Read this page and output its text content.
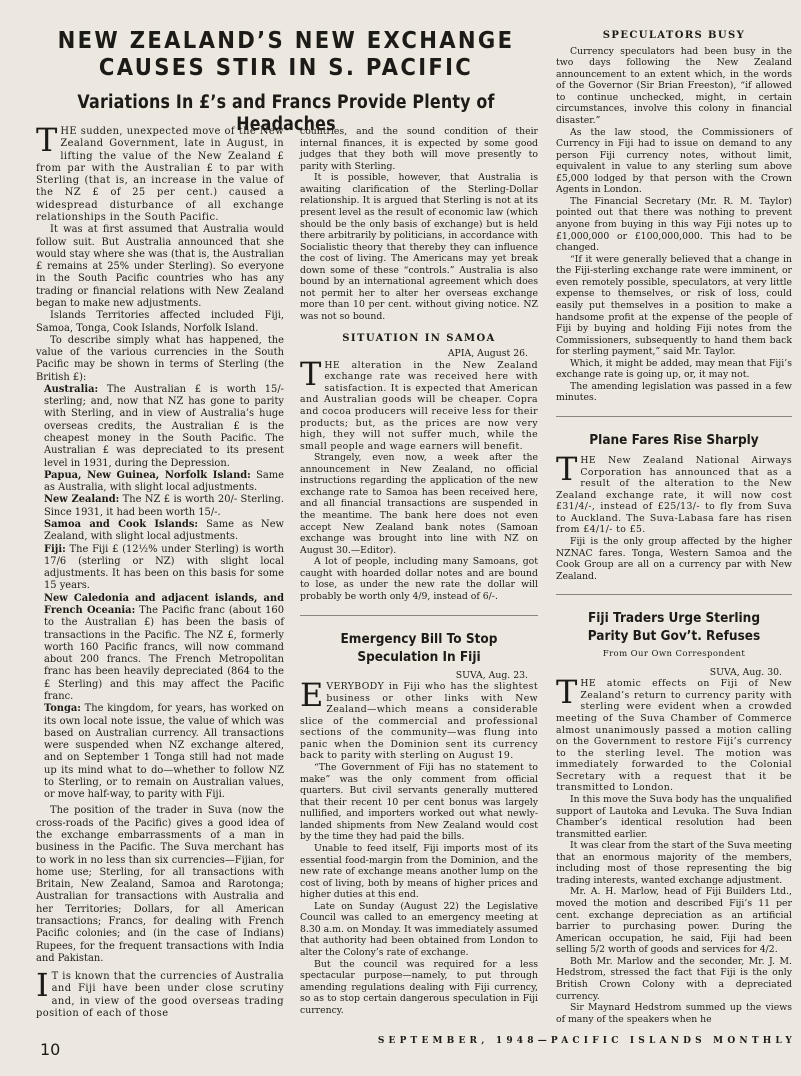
NEW ZEALAND’S NEW EXCHANGE CAUSES STIR IN S. PACIFIC
Variations In £’s and Francs Provide Plenty of Headaches

THE sudden, unexpected move of the New Zealand Government, late in August, in lifting the value of the New Zealand £ from par with the Australian £ to par with Sterling (that is, an increase in the value of the NZ £ of 25 per cent.) caused a widespread disturbance of all exchange relationships in the South Pacific.

It was at first assumed that Australia would follow suit. But Australia announced that she would stay where she was (that is, the Australian £ remains at 25% under Sterling). So everyone in the South Pacific countries who has any trading or financial relations with New Zealand began to make new adjustments.

Islands Territories affected included Fiji, Samoa, Tonga, Cook Islands, Norfolk Island.

To describe simply what has happened, the value of the various currencies in the South Pacific may be shown in terms of Sterling (the British £):

Australia: The Australian £ is worth 15/- sterling; and, now that NZ has gone to parity with Sterling, and in view of Australia’s huge overseas credits, the Australian £ is the cheapest money in the South Pacific. The Australian £ was depreciated to its present level in 1931, during the Depression.

Papua, New Guinea, Norfolk Island: Same as Australia, with slight local adjustments.

New Zealand: The NZ £ is worth 20/- Sterling. Since 1931, it had been worth 15/-.

Samoa and Cook Islands: Same as New Zealand, with slight local adjustments.

Fiji: The Fiji £ (12½% under Sterling) is worth 17/6 (sterling or NZ) with slight local adjustments. It has been on this basis for some 15 years.

New Caledonia and adjacent islands, and French Oceania: The Pacific franc (about 160 to the Australian £) has been the basis of transactions in the Pacific. The NZ £, formerly worth 160 Pacific francs, will now command about 200 francs. The French Metropolitan franc has been heavily depreciated (864 to the £ Sterling) and this may affect the Pacific franc.

Tonga: The kingdom, for years, has worked on its own local note issue, the value of which was based on Australian currency. All transactions were suspended when NZ exchange altered, and on September 1 Tonga still had not made up its mind what to do—whether to follow NZ to Sterling, or to remain on Australian values, or move half-way, to parity with Fiji.

The position of the trader in Suva (now the cross-roads of the Pacific) gives a good idea of the exchange embarrassments of a man in business in the Pacific. The Suva merchant has to work in no less than six currencies—Fijian, for home use; Sterling, for all transactions with Britain, New Zealand, Samoa and Rarotonga; Australian for transactions with Australia and her Territories; Dollars, for all American transactions; Francs, for dealing with French Pacific colonies; and (in the case of Indians) Rupees, for the frequent transactions with India and Pakistan.

I T is known that the currencies of Australia and Fiji have been under close scrutiny and, in view of the good overseas trading position of each of those

countries, and the sound condition of their internal finances, it is expected by some good judges that they both will move presently to parity with Sterling.

It is possible, however, that Australia is awaiting clarification of the Sterling-Dollar relationship. It is argued that Sterling is not at its present level as the result of economic law (which should be the only basis of exchange) but is held there arbitrarily by politicians, in accordance with Socialistic theory that thereby they can influence the cost of living. The Americans may yet break down some of these “controls.” Australia is also bound by an international agreement which does not permit her to alter her overseas exchange more than 10 per cent. without giving notice. NZ was not so bound.

SITUATION IN SAMOA

APIA, August 26.

THE alteration in the New Zealand exchange rate was received here with satisfaction. It is expected that American and Australian goods will be cheaper. Copra and cocoa producers will receive less for their products; but, as the prices are now very high, they will not suffer much, while the small people and wage earners will benefit.

Strangely, even now, a week after the announcement in New Zealand, no official instructions regarding the application of the new exchange rate to Samoa has been received here, and all financial transactions are suspended in the meantime. The bank here does not even accept New Zealand bank notes (Samoan exchange was brought into line with NZ on August 30.—Editor).

A lot of people, including many Samoans, got caught with hoarded dollar notes and are bound to lose, as under the new rate the dollar will probably be worth only 4/9, instead of 6/-.

Emergency Bill To Stop Speculation In Fiji

SUVA, Aug. 23.

EVERYBODY in Fiji who has the slightest business or other links with New Zealand—which means a considerable slice of the commercial and professional sections of the community—was flung into panic when the Dominion sent its currency back to parity with sterling on August 19.

“The Government of Fiji has no statement to make” was the only comment from official quarters. But civil servants generally muttered that their recent 10 per cent bonus was largely nullified, and importers worked out what newly-landed shipments from New Zealand would cost by the time they had paid the bills.

Unable to feed itself, Fiji imports most of its essential food-margin from the Dominion, and the new rate of exchange means another lump on the cost of living, both by means of higher prices and higher duties at this end.

Late on Sunday (August 22) the Legislative Council was called to an emergency meeting at 8.30 a.m. on Monday. It was immediately assumed that authority had been obtained from London to alter the Colony’s rate of exchange.

But the council was required for a less spectacular purpose—namely, to put through amending regulations dealing with Fiji currency, so as to stop certain dangerous speculation in Fiji currency.

SPECULATORS BUSY

Currency speculators had been busy in the two days following the New Zealand announcement to an extent which, in the words of the Governor (Sir Brian Freeston), “if allowed to continue unchecked, might, in certain circumstances, involve this colony in financial disaster.”

As the law stood, the Commissioners of Currency in Fiji had to issue on demand to any person Fiji currency notes, without limit, equivalent in value to any sterling sum above £5,000 lodged by that person with the Crown Agents in London.

The Financial Secretary (Mr. R. M. Taylor) pointed out that there was nothing to prevent anyone from buying in this way Fiji notes up to £1,000,000 or £100,000,000. This had to be changed.

“If it were generally believed that a change in the Fiji-sterling exchange rate were imminent, or even remotely possible, speculators, at very little expense to themselves, or risk of loss, could easily put themselves in a position to make a handsome profit at the expense of the people of Fiji by buying and holding Fiji notes from the Commissioners, subsequently to hand them back for sterling payment,” said Mr. Taylor.

Which, it might be added, may mean that Fiji’s exchange rate is going up, or, it may not.

The amending legislation was passed in a few minutes.

Plane Fares Rise Sharply

THE New Zealand National Airways Corporation has announced that as a result of the alteration to the New Zealand exchange rate, it will now cost £31/4/-, instead of £25/13/- to fly from Suva to Auckland. The Suva-Labasa fare has risen from £4/1/- to £5.

Fiji is the only group affected by the higher NZNAC fares. Tonga, Western Samoa and the Cook Group are all on a currency par with New Zealand.

Fiji Traders Urge Sterling Parity But Gov’t. Refuses

From Our Own Correspondent

SUVA, Aug. 30.

THE atomic effects on Fiji of New Zealand’s return to currency parity with sterling were evident when a crowded meeting of the Suva Chamber of Commerce almost unanimously passed a motion calling on the Government to restore Fiji’s currency to the sterling level. The motion was immediately forwarded to the Colonial Secretary with a request that it be transmitted to London.

In this move the Suva body has the unqualified support of Lautoka and Levuka. The Suva Indian Chamber’s identical resolution had been transmitted earlier.

It was clear from the start of the Suva meeting that an enormous majority of the members, including most of those representing the big trading interests, wanted exchange adjustment.

Mr. A. H. Marlow, head of Fiji Builders Ltd., moved the motion and described Fiji’s 11 per cent. exchange depreciation as an artificial barrier to purchasing power. During the American occupation, he said, Fiji had been selling 5/2 worth of goods and services for 4/2.

Both Mr. Marlow and the seconder, Mr. J. M. Hedstrom, stressed the fact that Fiji is the only British Crown Colony with a depreciated currency.

Sir Maynard Hedstrom summed up the views of many of the speakers when he

10	SEPTEMBER, 1948—PACIFIC ISLANDS MONTHLY
